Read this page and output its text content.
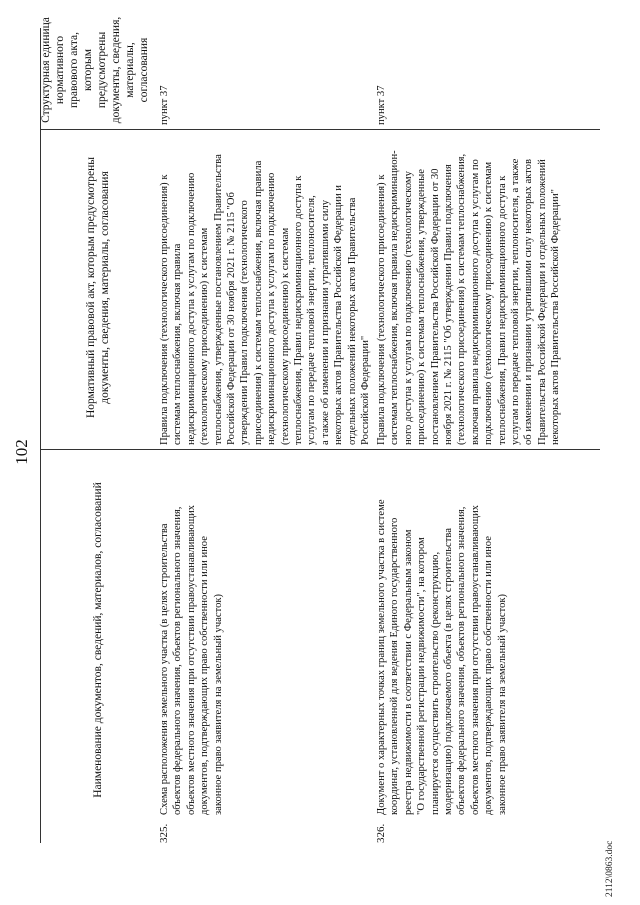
102
Наименование документов, сведений, материалов, согласований
Нормативный правовой акт, которым предусмотрены документы, сведения, материалы, согласования
Структурная единица нормативного правового акта, которым предусмотрены документы, сведения, материалы, согласования
325.
Схема расположения земельного участка (в целях строительства объектов федерального значения, объектов регионального значения, объектов местного значения при отсутствии правоустанавливающих документов, подтверждающих право собственности или иное законное право заявителя на земельный участок)
Правила подключения (технологического присоединения) к системам теплоснабжения, включая правила недискриминационного доступа к услугам по подключению (технологическому присоединению) к системам теплоснабжения, утвержденные постановлением Правительства Российской Федерации от 30 ноября 2021 г. № 2115 "Об утверждении Правил подключения (технологического присоединения) к системам теплоснабжения, включая правила недискриминационного доступа к услугам по подключению (технологическому присоединению) к системам теплоснабжения, Правил недискриминационного доступа к услугам по передаче тепловой энергии, теплоносителя, а также об изменении и признании утратившими силу некоторых актов Правительства Российской Федерации и отдельных положений некоторых актов Правительства Российской Федерации"
пункт 37
326.
Документ о характерных точках границ земельного участка в системе координат, установленной для ведения Единого государственного реестра недвижимости в соответствии с Федеральным законом "О государственной регистрации недвижимости", на котором планируется осуществить строительство (реконструкцию, модернизацию) подключаемого объекта (в целях строительства объектов федерального значения, объектов регионального значения, объектов местного значения при отсутствии правоустанавливающих документов, подтверждающих право собственности или иное законное право заявителя на земельный участок)
Правила подключения (технологического присоединения) к системам теплоснабжения, включая правила недискриминацион- ного доступа к услугам по подключению (технологическому присоединению) к системам теплоснабжения, утвержденные постановлением Правительства Российской Федерации от 30 ноября 2021 г. № 2115 "Об утверждении Правил подключения (технологического присоединения) к системам теплоснабжения, включая правила недискриминационного доступа к услугам по подключению (технологическому присоединению) к системам теплоснабжения, Правил недискриминационного доступа к услугам по передаче тепловой энергии, теплоносителя, а также об изменении и признании утратившими силу некоторых актов Правительства Российской Федерации и отдельных положений некоторых актов Правительства Российской Федерации"
пункт 37
2112\0863.doc
